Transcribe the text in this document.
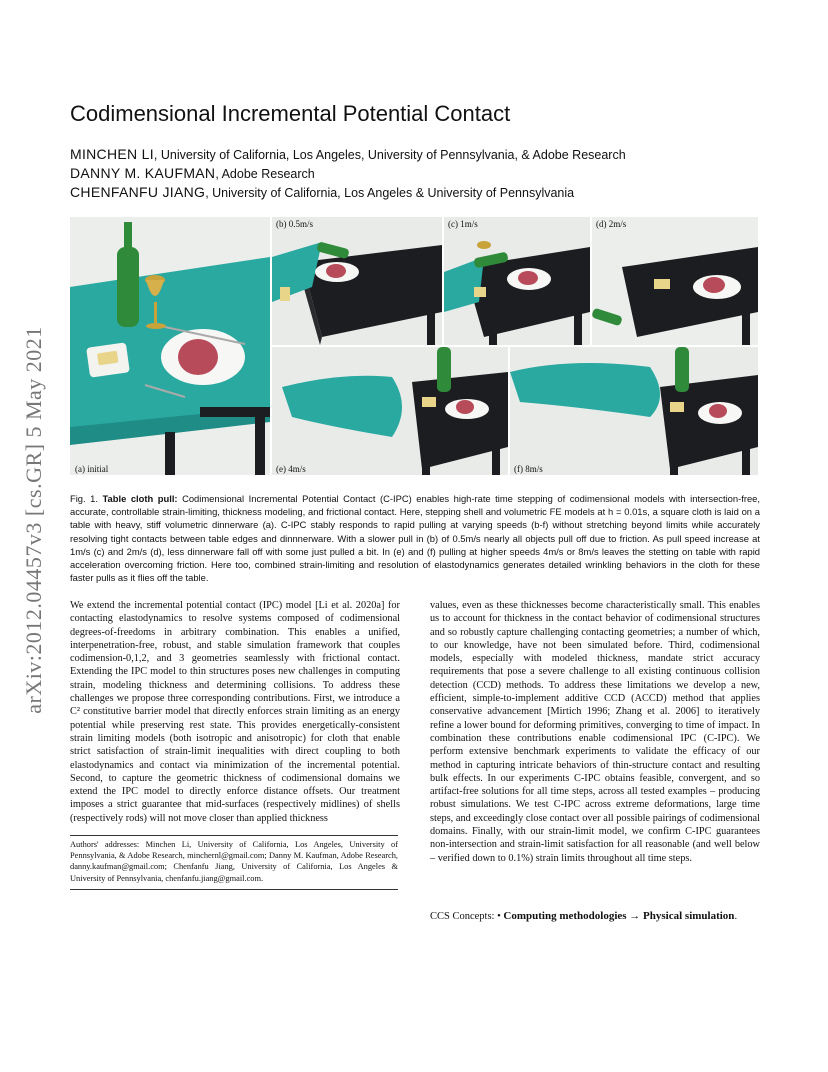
arXiv:2012.04457v3 [cs.GR] 5 May 2021
Codimensional Incremental Potential Contact
MINCHEN LI, University of California, Los Angeles, University of Pennsylvania, & Adobe Research
DANNY M. KAUFMAN, Adobe Research
CHENFANFU JIANG, University of California, Los Angeles & University of Pennsylvania
(a) initial
(b) 0.5m/s	(c) 1m/s	(d) 2m/s
(e) 4m/s	(f) 8m/s

Fig. 1. Table cloth pull: Codimensional Incremental Potential Contact (C-IPC) enables high-rate time stepping of codimensional models with intersection-free, accurate, controllable strain-limiting, thickness modeling, and frictional contact. Here, stepping shell and volumetric FE models at h = 0.01s, a square cloth is laid on a table with heavy, stiff volumetric dinnerware (a). C-IPC stably responds to rapid pulling at varying speeds (b-f) without stretching beyond limits while accurately resolving tight contacts between table edges and dinnnerware. With a slower pull in (b) of 0.5m/s nearly all objects pull off due to friction. As pull speed increase at 1m/s (c) and 2m/s (d), less dinnerware fall off with some just pulled a bit. In (e) and (f) pulling at higher speeds 4m/s or 8m/s leaves the stetting on table with rapid acceleration overcoming friction. Here too, combined strain-limiting and resolution of elastodynamics generates detailed wrinkling behaviors in the cloth for these faster pulls as it flies off the table.

We extend the incremental potential contact (IPC) model [Li et al. 2020a] for contacting elastodynamics to resolve systems composed of codimensional degrees-of-freedoms in arbitrary combination. This enables a unified, interpenetration-free, robust, and stable simulation framework that couples codimension-0,1,2, and 3 geometries seamlessly with frictional contact. Extending the IPC model to thin structures poses new challenges in computing strain, modeling thickness and determining collisions. To address these challenges we propose three corresponding contributions. First, we introduce a C² constitutive barrier model that directly enforces strain limiting as an energy potential while preserving rest state. This provides energetically-consistent strain limiting models (both isotropic and anisotropic) for cloth that enable strict satisfaction of strain-limit inequalities with direct coupling to both elastodynamics and contact via minimization of the incremental potential. Second, to capture the geometric thickness of codimensional domains we extend the IPC model to directly enforce distance offsets. Our treatment imposes a strict guarantee that mid-surfaces (respectively midlines) of shells (respectively rods) will not move closer than applied thickness

values, even as these thicknesses become characteristically small. This enables us to account for thickness in the contact behavior of codimensional structures and so robustly capture challenging contacting geometries; a number of which, to our knowledge, have not been simulated before. Third, codimensional models, especially with modeled thickness, mandate strict accuracy requirements that pose a severe challenge to all existing continuous collision detection (CCD) methods. To address these limitations we develop a new, efficient, simple-to-implement additive CCD (ACCD) method that applies conservative advancement [Mirtich 1996; Zhang et al. 2006] to iteratively refine a lower bound for deforming primitives, converging to time of impact. In combination these contributions enable codimensional IPC (C-IPC). We perform extensive benchmark experiments to validate the efficacy of our method in capturing intricate behaviors of thin-structure contact and resulting bulk effects. In our experiments C-IPC obtains feasible, convergent, and so artifact-free solutions for all time steps, across all tested examples – producing robust simulations. We test C-IPC across extreme deformations, large time steps, and exceedingly close contact over all possible pairings of codimensional domains. Finally, with our strain-limit model, we confirm C-IPC guarantees non-intersection and strain-limit satisfaction for all reasonable (and well below – verified down to 0.1%) strain limits throughout all time steps.

Authors' addresses: Minchen Li, University of California, Los Angeles, University of Pennsylvania, & Adobe Research, minchernl@gmail.com; Danny M. Kaufman, Adobe Research, danny.kaufman@gmail.com; Chenfanfu Jiang, University of California, Los Angeles & University of Pennsylvania, chenfanfu.jiang@gmail.com.

CCS Concepts: • Computing methodologies → Physical simulation.
